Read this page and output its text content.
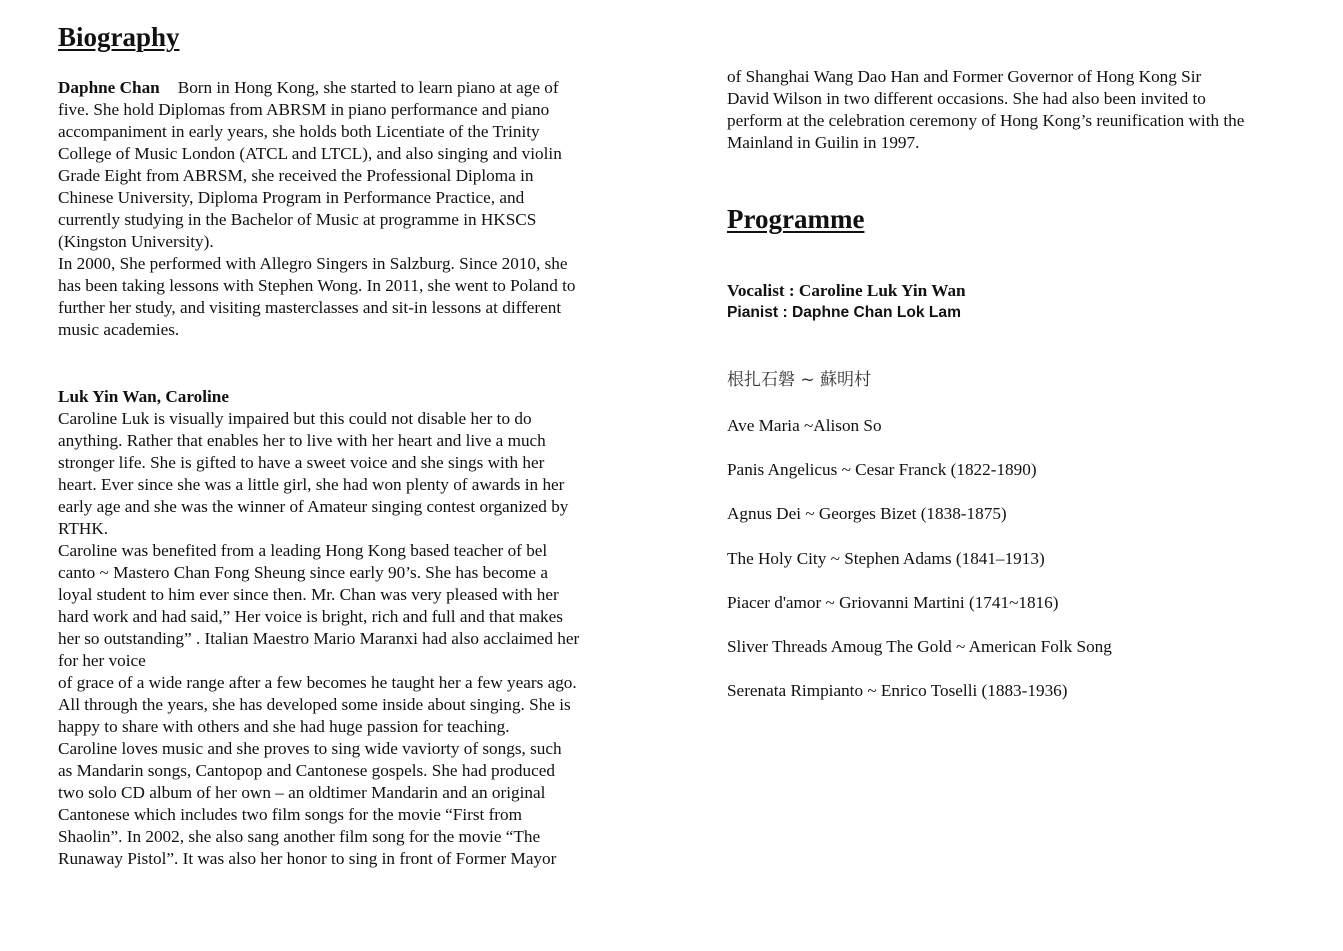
Biography

Daphne Chan Born in Hong Kong, she started to learn piano at age of

five. She hold Diplomas from ABRSM in piano performance and piano

accompaniment in early years, she holds both Licentiate of the Trinity

College of Music London (ATCL and LTCL), and also singing and violin

Grade Eight from ABRSM, she received the Professional Diploma in

Chinese University, Diploma Program in Performance Practice, and

currently studying in the Bachelor of Music at programme in HKSCS

(Kingston University).

In 2000, She performed with Allegro Singers in Salzburg. Since 2010, she

has been taking lessons with Stephen Wong. In 2011, she went to Poland to

further her study, and visiting masterclasses and sit-in lessons at different

music academies.

Luk Yin Wan, Caroline

Caroline Luk is visually impaired but this could not disable her to do

anything. Rather that enables her to live with her heart and live a much

stronger life. She is gifted to have a sweet voice and she sings with her

heart. Ever since she was a little girl, she had won plenty of awards in her

early age and she was the winner of Amateur singing contest organized by

RTHK.

Caroline was benefited from a leading Hong Kong based teacher of bel

canto ~ Mastero Chan Fong Sheung since early 90’s. She has become a

loyal student to him ever since then. Mr. Chan was very pleased with her

hard work and had said,” Her voice is bright, rich and full and that makes

her so outstanding” . Italian Maestro Mario Maranxi had also acclaimed her

for her voice

of grace of a wide range after a few becomes he taught her a few years ago.

All through the years, she has developed some inside about singing. She is

happy to share with others and she had huge passion for teaching.

Caroline loves music and she proves to sing wide vaviorty of songs, such

as Mandarin songs, Cantopop and Cantonese gospels. She had produced

two solo CD album of her own – an oldtimer Mandarin and an original

Cantonese which includes two film songs for the movie “First from

Shaolin”. In 2002, she also sang another film song for the movie “The

Runaway Pistol”. It was also her honor to sing in front of Former Mayor

of Shanghai Wang Dao Han and Former Governor of Hong Kong Sir

David Wilson in two different occasions. She had also been invited to

perform at the celebration ceremony of Hong Kong’s reunification with the

Mainland in Guilin in 1997.

Programme

Vocalist : Caroline Luk Yin Wan

Pianist : Daphne Chan Lok Lam

根扎石磐 ~ 蘇明村
Ave Maria ~Alison So
Panis Angelicus ~ Cesar Franck (1822-1890)
Agnus Dei ~ Georges Bizet (1838-1875)
The Holy City ~ Stephen Adams (1841–1913)
Piacer d'amor ~ Griovanni Martini (1741~1816)
Sliver Threads Amoug The Gold ~ American Folk Song
Serenata Rimpianto ~ Enrico Toselli (1883-1936)
